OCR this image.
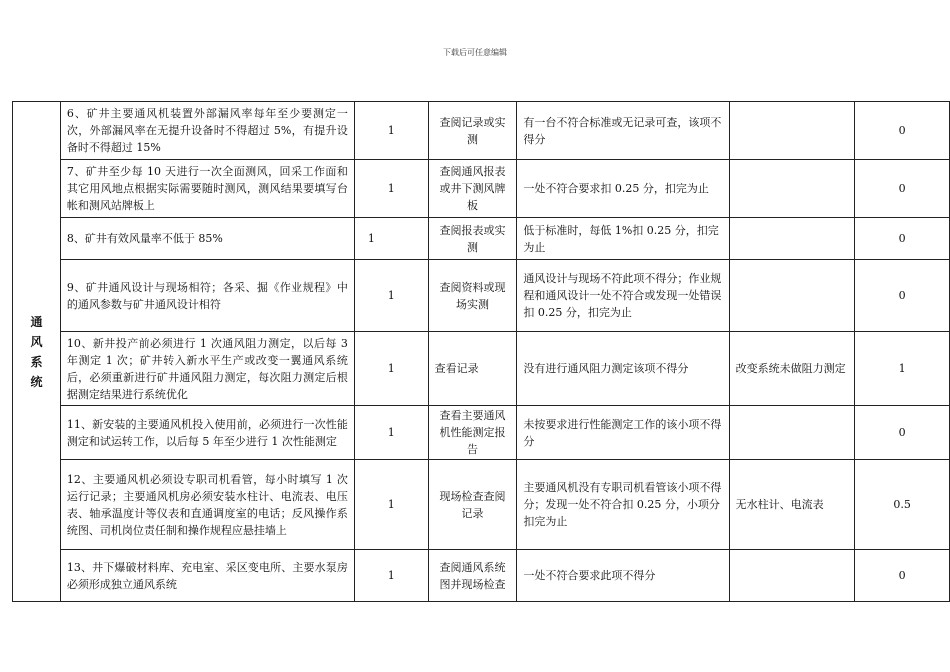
下载后可任意编辑
通风系统	6、矿井主要通风机装置外部漏风率每年至少要测定一次，外部漏风率在无提升设备时不得超过 5%，有提升设备时不得超过 15%	1	查阅记录或实测	有一台不符合标准或无记录可查，该项不得分		0
	7、矿井至少每 10 天进行一次全面测风，回采工作面和其它用风地点根据实际需要随时测风，测风结果要填写台帐和测风站牌板上	1	查阅通风报表或井下测风牌板	一处不符合要求扣 0.25 分，扣完为止		0
	8、矿井有效风量率不低于 85%	1	查阅报表或实测	低于标准时，每低 1%扣 0.25 分，扣完为止		0
	9、矿井通风设计与现场相符；各采、掘《作业规程》中的通风参数与矿井通风设计相符	1	查阅资料或现场实测	通风设计与现场不符此项不得分；作业规程和通风设计一处不符合或发现一处错误扣 0.25 分，扣完为止		0
	10、新井投产前必须进行 1 次通风阻力测定，以后每 3 年测定 1 次；矿井转入新水平生产或改变一翼通风系统后，必须重新进行矿井通风阻力测定，每次阻力测定后根据测定结果进行系统优化	1	查看记录	没有进行通风阻力测定该项不得分	改变系统未做阻力测定	1
	11、新安装的主要通风机投入使用前，必须进行一次性能测定和试运转工作，以后每 5 年至少进行 1 次性能测定	1	查看主要通风机性能测定报告	未按要求进行性能测定工作的该小项不得分		0
	12、主要通风机必须设专职司机看管，每小时填写 1 次运行记录；主要通风机房必须安装水柱计、电流表、电压表、轴承温度计等仪表和直通调度室的电话；反风操作系统图、司机岗位责任制和操作规程应悬挂墙上	1	现场检查查阅记录	主要通风机没有专职司机看管该小项不得分；发现一处不符合扣 0.25 分，小项分扣完为止	无水柱计、电流表	0.5
	13、井下爆破材料库、充电室、采区变电所、主要水泵房必须形成独立通风系统	1	查阅通风系统图并现场检查	一处不符合要求此项不得分		0
